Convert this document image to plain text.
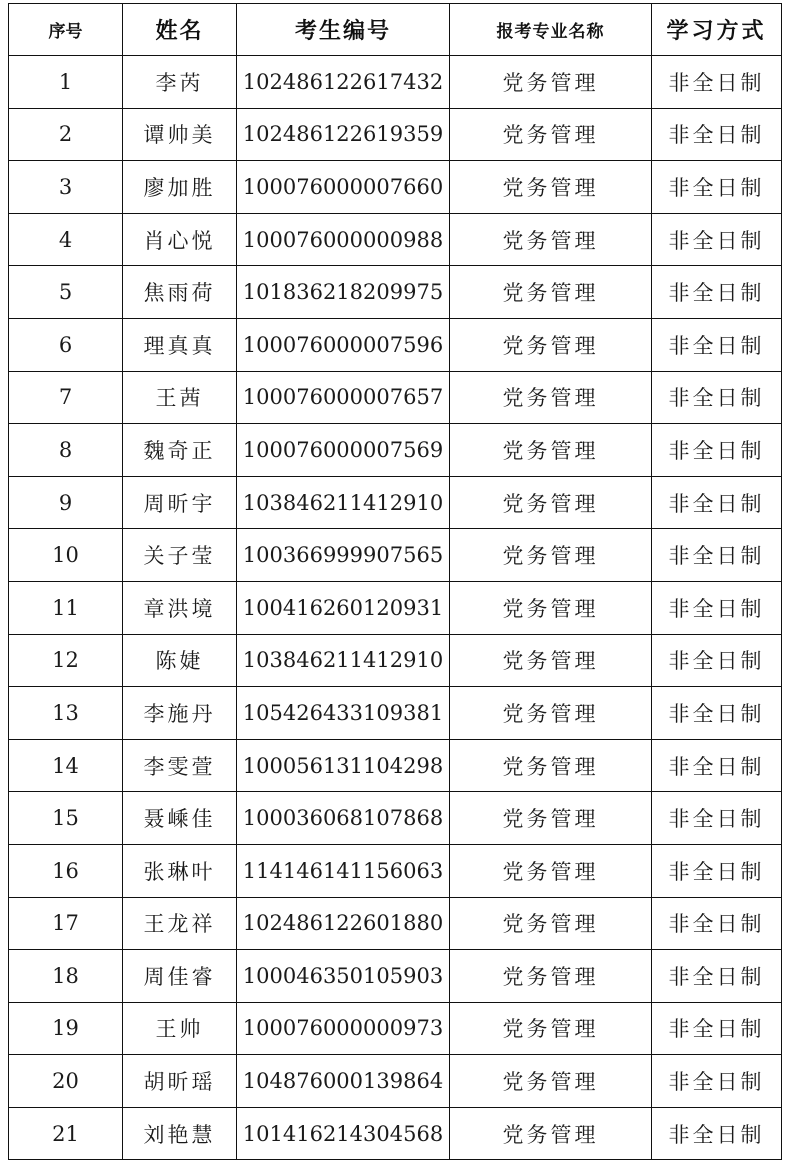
序号	姓名	考生编号	报考专业名称	学习方式
1	李芮	102486122617432	党务管理	非全日制
2	谭帅美	102486122619359	党务管理	非全日制
3	廖加胜	100076000007660	党务管理	非全日制
4	肖心悦	100076000000988	党务管理	非全日制
5	焦雨荷	101836218209975	党务管理	非全日制
6	理真真	100076000007596	党务管理	非全日制
7	王茜	100076000007657	党务管理	非全日制
8	魏奇正	100076000007569	党务管理	非全日制
9	周昕宇	103846211412910	党务管理	非全日制
10	关子莹	100366999907565	党务管理	非全日制
11	章洪境	100416260120931	党务管理	非全日制
12	陈婕	103846211412910	党务管理	非全日制
13	李施丹	105426433109381	党务管理	非全日制
14	李雯萱	100056131104298	党务管理	非全日制
15	聂嵊佳	100036068107868	党务管理	非全日制
16	张琳叶	114146141156063	党务管理	非全日制
17	王龙祥	102486122601880	党务管理	非全日制
18	周佳睿	100046350105903	党务管理	非全日制
19	王帅	100076000000973	党务管理	非全日制
20	胡昕瑶	104876000139864	党务管理	非全日制
21	刘艳慧	101416214304568	党务管理	非全日制
